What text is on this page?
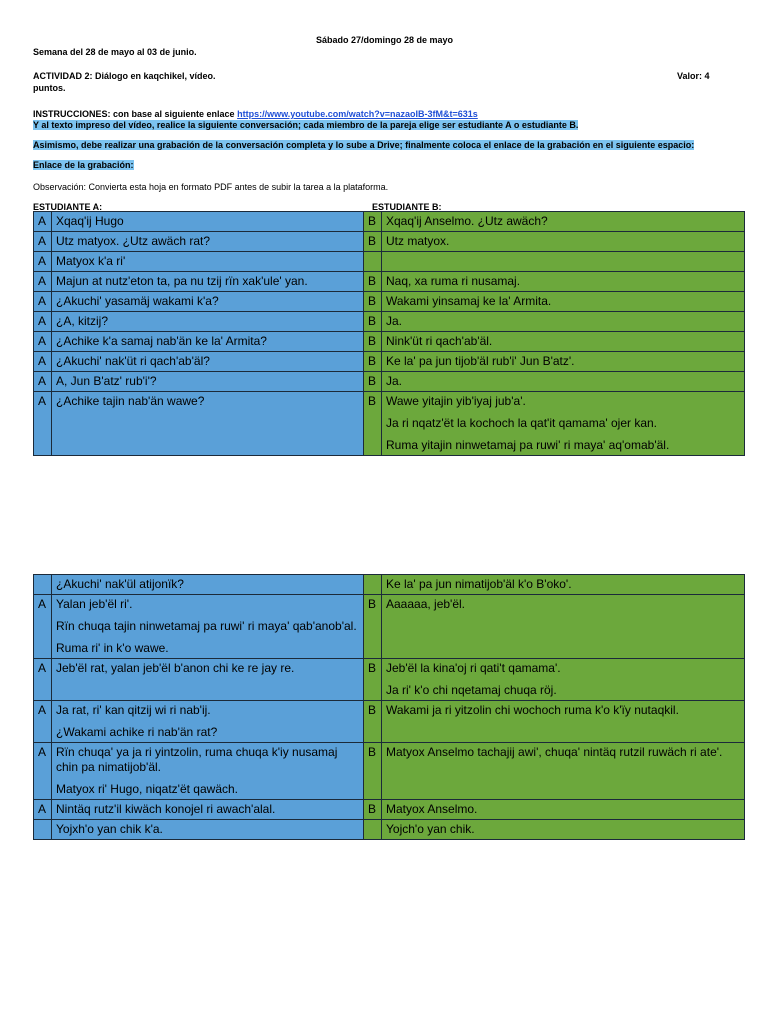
Sábado 27/domingo 28 de mayo
Semana del 28 de mayo al 03 de junio.
ACTIVIDAD 2: Diálogo en kaqchikel, vídeo.	Valor: 4
puntos.
INSTRUCCIONES: con base al siguiente enlace https://www.youtube.com/watch?v=nazaoIB-3fM&t=631s
Y al texto impreso del vídeo, realice la siguiente conversación; cada miembro de la pareja elige ser estudiante A o estudiante B.
Asimismo, debe realizar una grabación de la conversación completa y lo sube a Drive; finalmente coloca el enlace de la grabación en el siguiente espacio:
Enlace de la grabación:
Observación: Convierta esta hoja en formato PDF antes de subir la tarea a la plataforma.
ESTUDIANTE A:	ESTUDIANTE B:
A	Xqaq'ij Hugo	B	Xqaq'ij Anselmo. ¿Utz awäch?

A	Utz matyox. ¿Utz awäch rat?	B	Utz matyox.

A	Matyox k'a ri'		

A	Majun at nutz'eton ta, pa nu tzij rïn xak'ule' yan.	B	Naq, xa ruma ri nusamaj.

A	¿Akuchi' yasamäj wakami k'a?	B	Wakami yinsamaj ke la' Armita.

A	¿A, kitzij?	B	Ja.

A	¿Achike k'a samaj nab'än ke la' Armita?	B	Nink'üt ri qach'ab'äl.

A	¿Akuchi' nak'üt ri qach'ab'äl?	B	Ke la' pa jun tijob'äl rub'i' Jun B'atz'.

A	A, Jun B'atz' rub'i'?	B	Ja.

A	¿Achike tajin nab'än wawe?	B	Wawe yitajin yib'iyaj jub'a'.
Ja ri nqatz'ët la kochoch la qat'it qamama' ojer kan.
Ruma yitajin ninwetamaj pa ruwi' ri maya' aq'omab'äl.

	¿Akuchi' nak'ül atijonïk?		Ke la' pa jun nimatijob'äl k'o B'oko'.

A	Yalan jeb'ël ri'.
Rïn chuqa tajin ninwetamaj pa ruwi' ri maya' qab'anob'al.
Ruma ri' in k'o wawe.	B	Aaaaaa, jeb'ël.

A	Jeb'ël rat, yalan jeb'ël b'anon chi ke re jay re.	B	Jeb'ël la kina'oj ri qati't qamama'.
Ja ri' k'o chi nqetamaj chuqa röj.

A	Ja rat, ri' kan qitzij wi ri nab'ij.
¿Wakami achike ri nab'än rat?	B	Wakami ja ri yitzolin chi wochoch ruma k'o k'ïy nutaqkil.

A	Rïn chuqa' ya ja ri yintzolin, ruma chuqa k'iy nusamaj chin pa nimatijob'äl.
Matyox ri' Hugo, niqatz'ët qawäch.	B	Matyox Anselmo tachajij awi', chuqa' nintäq rutzil ruwäch ri ate'.

A	Nintäq rutz'il kiwäch konojel ri awach'alal.	B	Matyox Anselmo.

	Yojxh'o yan chik k'a.		Yojch'o yan chik.
